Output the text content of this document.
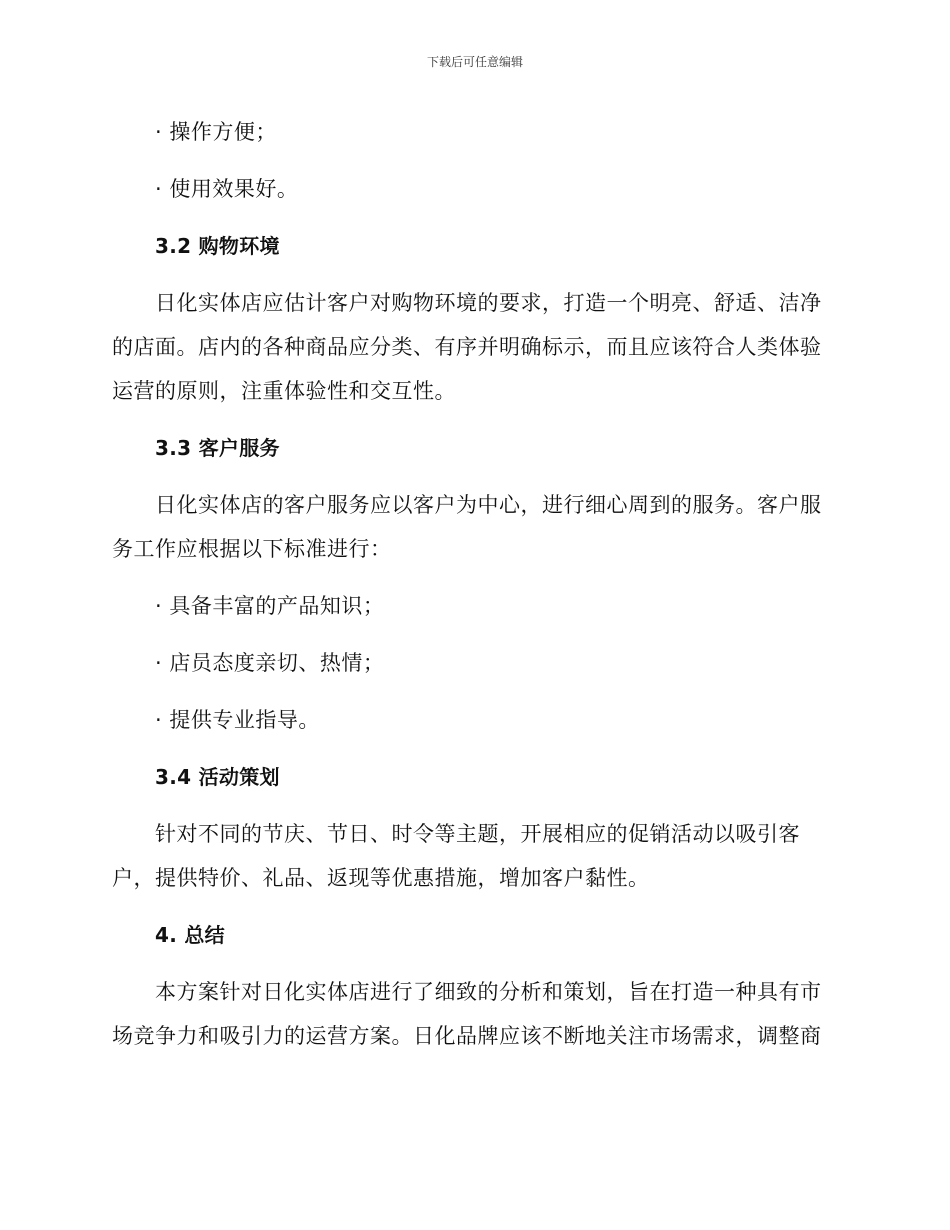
下载后可任意编辑
· 操作方便；
· 使用效果好。
3.2 购物环境
日化实体店应估计客户对购物环境的要求，打造一个明亮、舒适、洁净的店面。店内的各种商品应分类、有序并明确标示，而且应该符合人类体验运营的原则，注重体验性和交互性。
3.3 客户服务
日化实体店的客户服务应以客户为中心，进行细心周到的服务。客户服务工作应根据以下标准进行：
· 具备丰富的产品知识；
· 店员态度亲切、热情；
· 提供专业指导。
3.4 活动策划
针对不同的节庆、节日、时令等主题，开展相应的促销活动以吸引客户，提供特价、礼品、返现等优惠措施，增加客户黏性。
4. 总结
本方案针对日化实体店进行了细致的分析和策划，旨在打造一种具有市场竞争力和吸引力的运营方案。日化品牌应该不断地关注市场需求，调整商
